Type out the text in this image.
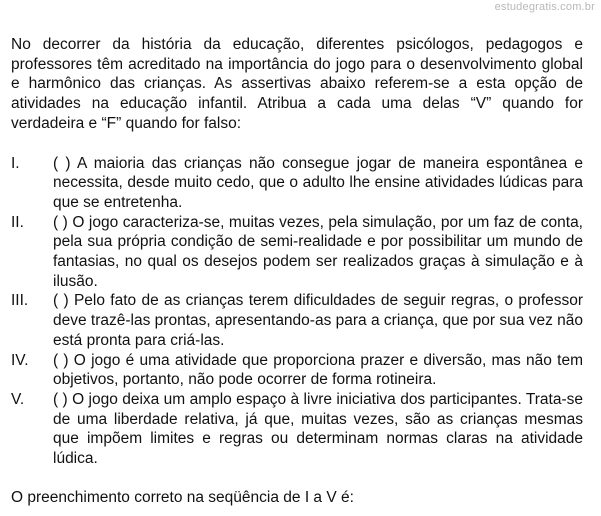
estudegratis.com.br

No decorrer da história da educação, diferentes psicólogos, pedagogos e professores têm acreditado na importância do jogo para o desenvolvimento global e harmônico das crianças. As assertivas abaixo referem-se a esta opção de atividades na educação infantil. Atribua a cada uma delas “V” quando for verdadeira e “F” quando for falso:

I.	( ) A maioria das crianças não consegue jogar de maneira espontânea e necessita, desde muito cedo, que o adulto lhe ensine atividades lúdicas para que se entretenha.
II.	( ) O jogo caracteriza-se, muitas vezes, pela simulação, por um faz de conta, pela sua própria condição de semi-realidade e por possibilitar um mundo de fantasias, no qual os desejos podem ser realizados graças à simulação e à ilusão.
III.	( ) Pelo fato de as crianças terem dificuldades de seguir regras, o professor deve trazê-las prontas, apresentando-as para a criança, que por sua vez não está pronta para criá-las.
IV.	( ) O jogo é uma atividade que proporciona prazer e diversão, mas não tem objetivos, portanto, não pode ocorrer de forma rotineira.
V.	( ) O jogo deixa um amplo espaço à livre iniciativa dos participantes. Trata-se de uma liberdade relativa, já que, muitas vezes, são as crianças mesmas que impõem limites e regras ou determinam normas claras na atividade lúdica.
O preenchimento correto na seqüência de I a V é:
